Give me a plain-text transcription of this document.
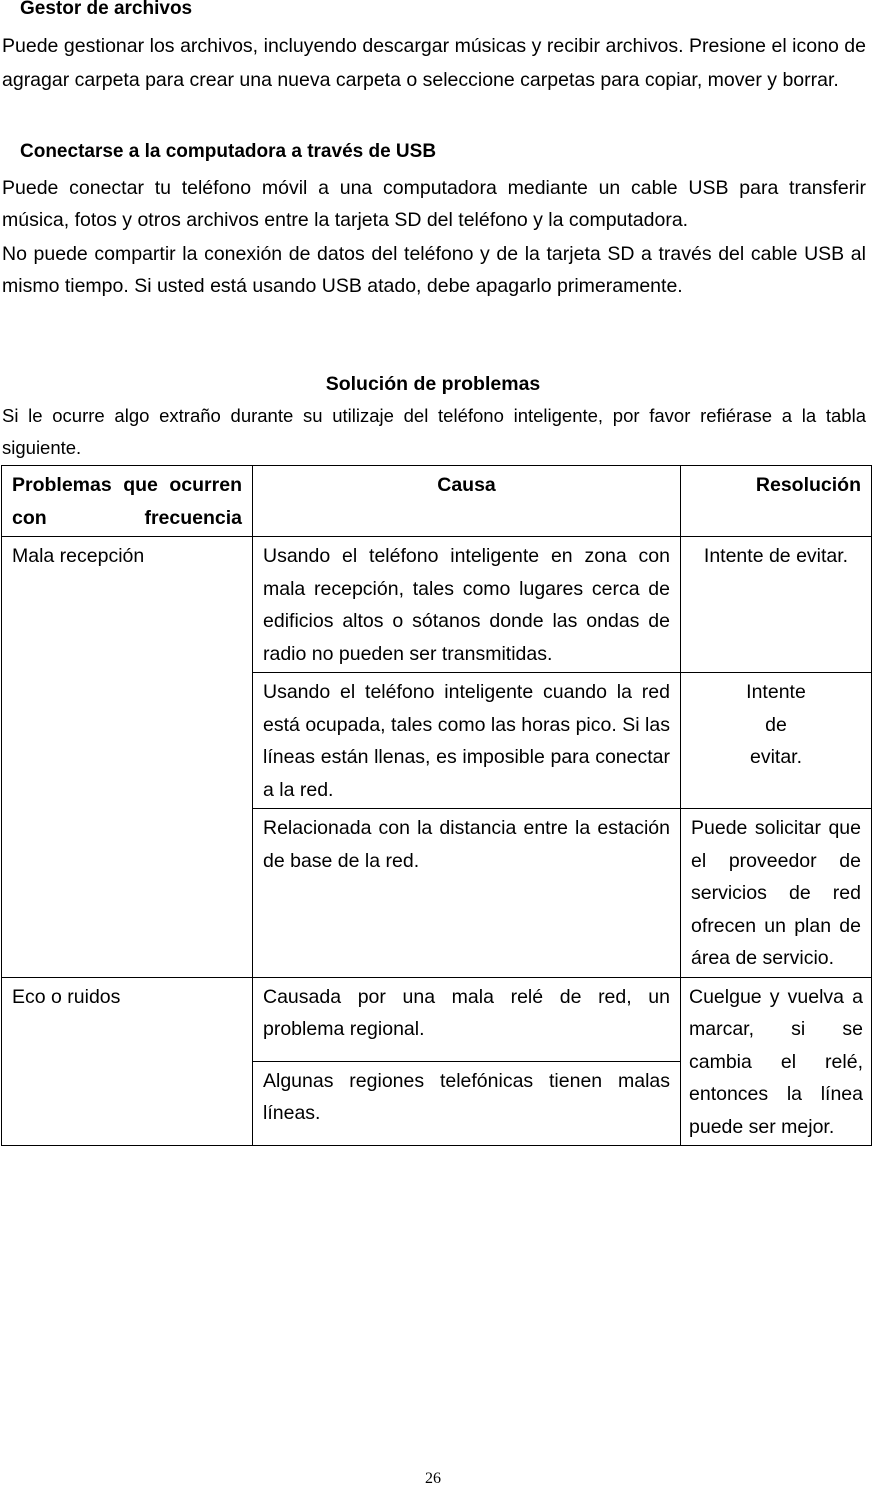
Gestor de archivos

Puede gestionar los archivos, incluyendo descargar músicas y recibir archivos. Presione el icono de agragar carpeta para crear una nueva carpeta o seleccione carpetas para copiar, mover y borrar.

Conectarse a la computadora a través de USB

Puede conectar tu teléfono móvil a una computadora mediante un cable USB para transferir música, fotos y otros archivos entre la tarjeta SD del teléfono y la computadora.

No puede compartir la conexión de datos del teléfono y de la tarjeta SD a través del cable USB al mismo tiempo. Si usted está usando USB atado, debe apagarlo primeramente.

Solución de problemas

Si le ocurre algo extraño durante su utilizaje del teléfono inteligente, por favor refiérase a la tabla siguiente.

Problemas que ocurren con frecuencia	Causa	Resolución
Mala recepción	Usando el teléfono inteligente en zona con mala recepción, tales como lugares cerca de edificios altos o sótanos donde las ondas de radio no pueden ser transmitidas.	Intente de evitar.
	Usando el teléfono inteligente cuando la red está ocupada, tales como las horas pico. Si las líneas están llenas, es imposible para conectar a la red.	Intente de evitar.
	Relacionada con la distancia entre la estación de base de la red.	Puede solicitar que el proveedor de servicios de red ofrecen un plan de área de servicio.
Eco o ruidos	Causada por una mala relé de red, un problema regional.	Cuelgue y vuelva a marcar, si se cambia el relé, entonces la línea puede ser mejor.
	Algunas regiones telefónicas tienen malas líneas.	

26
